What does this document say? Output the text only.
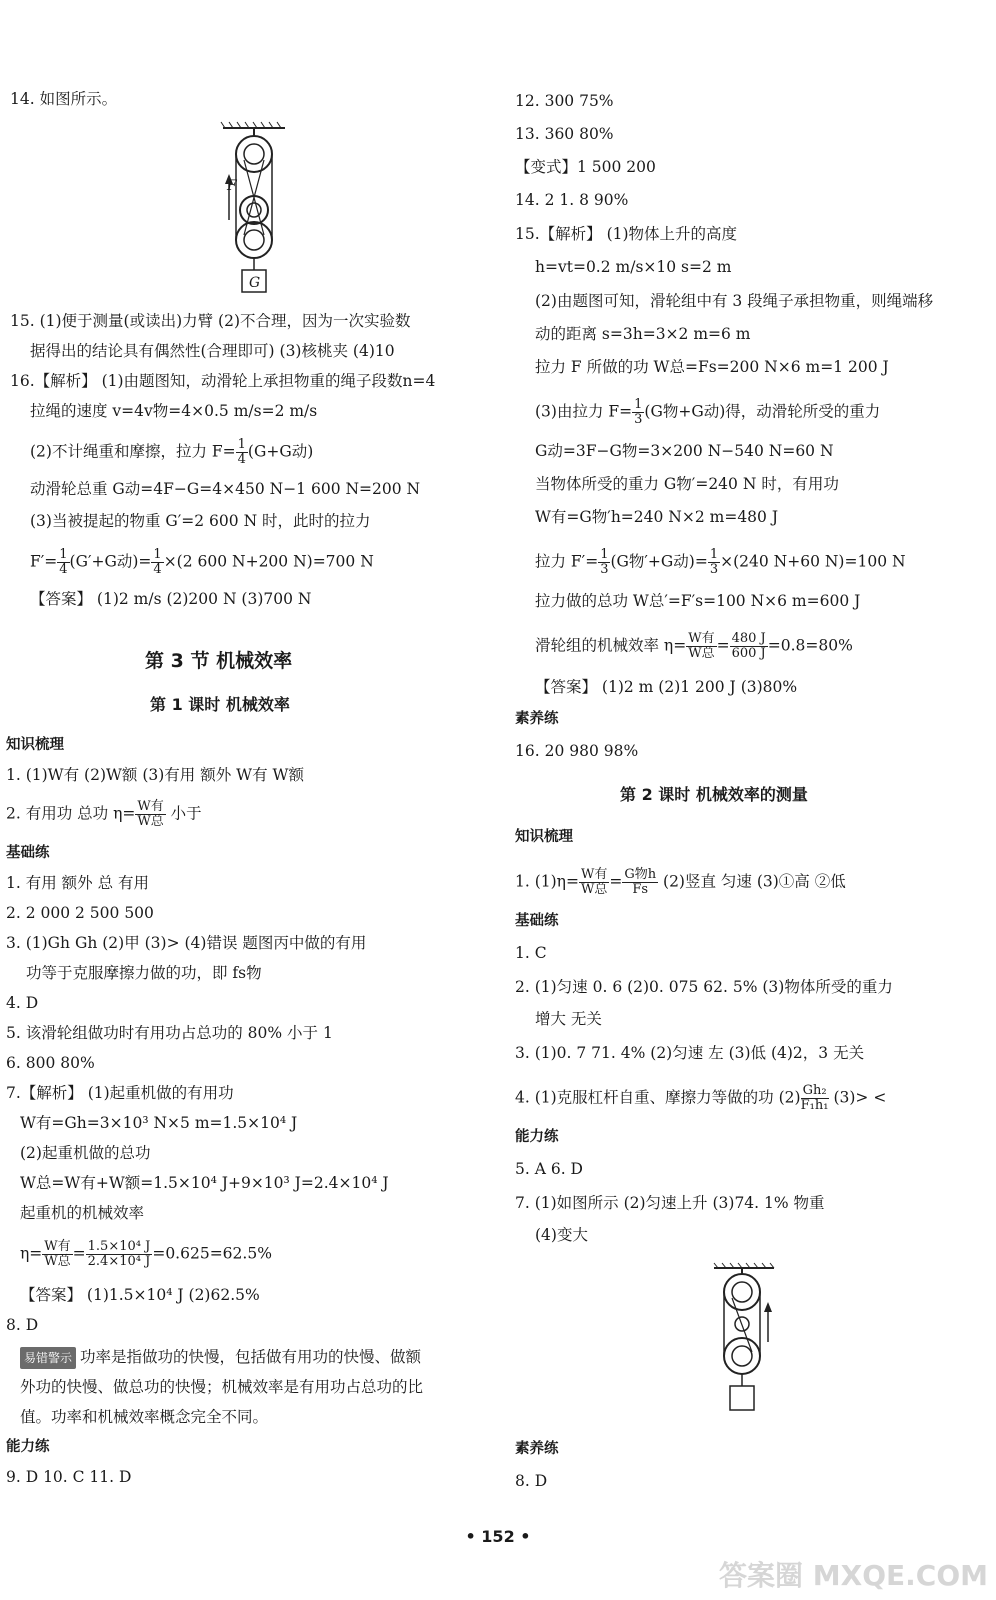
14. 如图所示。
F
G
15. (1)便于测量(或读出)力臂 (2)不合理，因为一次实验数
据得出的结论具有偶然性(合理即可) (3)核桃夹 (4)10
16.【解析】 (1)由题图知，动滑轮上承担物重的绳子段数n=4
拉绳的速度 v=4v物=4×0.5 m/s=2 m/s
(2)不计绳重和摩擦，拉力 $F= \frac{1}{4} (G+G$动)
动滑轮总重 G动=4F−G=4×450 N−1 600 N=200 N
(3)当被提起的物重 G′=2 600 N 时，此时的拉力
$F'= \frac{1}{4} (G'+G$动)= $\frac{1}{4} \times(2$ 600 N+200 N)=700 N
【答案】 (1)2 m/s (2)200 N (3)700 N
第 3 节 机械效率
第 1 课时 机械效率
知识梳理
1. (1)W有 (2)W额 (3)有用 额外 W有 W额
2. 有用功 总功 $\eta= \frac{\text{W有}}{\text{W总}}$ 小于
基础练
1. 有用 额外 总 有用
2. 2 000 2 500 500
3. (1)Gh Gh (2)甲 (3)> (4)错误 题图丙中做的有用
功等于克服摩擦力做的功，即 fs物
4. D
5. 该滑轮组做功时有用功占总功的 80% 小于 1
6. 800 80%
7.【解析】 (1)起重机做的有用功
W有=Gh=3×10³ N×5 m=1.5×10⁴ J
(2)起重机做的总功
W总=W有+W额=1.5×10⁴ J+9×10³ J=2.4×10⁴ J
起重机的机械效率
$\eta= \frac{\text{W有}}{\text{W总}} = \frac{\text{1.5×10⁴ J}}{\text{2.4×10⁴ J}} =0.625=62.5\%$
【答案】 (1)1.5×10⁴ J (2)62.5%
8. D
易错警示 功率是指做功的快慢，包括做有用功的快慢、做额
外功的快慢、做总功的快慢；机械效率是有用功占总功的比
值。功率和机械效率概念完全不同。
能力练
9. D 10. C 11. D
12. 300 75%
13. 360 80%
【变式】1 500 200
14. 2 1. 8 90%
15.【解析】 (1)物体上升的高度
h=vt=0.2 m/s×10 s=2 m
(2)由题图可知，滑轮组中有 3 段绳子承担物重，则绳端移
动的距离 s=3h=3×2 m=6 m
拉力 F 所做的功 W总=Fs=200 N×6 m=1 200 J
(3)由拉力 $F= \frac{1}{3} (G$物+G动)得，动滑轮所受的重力
G动=3F−G物=3×200 N−540 N=60 N
当物体所受的重力 G物′=240 N 时，有用功
W有=G物′h=240 N×2 m=480 J
拉力 $F'= \frac{1}{3} (G$物′+G动)= $\frac{1}{3} \times(240$ N+60 N)=100 N
拉力做的总功 W总′=F′s=100 N×6 m=600 J
滑轮组的机械效率 $\eta= \frac{\text{W有}}{\text{W总}} = \frac{480 J}{600 J} =0.8=80\%$
【答案】 (1)2 m (2)1 200 J (3)80%
素养练
16. 20 980 98%
第 2 课时 机械效率的测量
知识梳理
1. $(1)\eta= \frac{\text{W有}}{\text{W总}} = \frac{\text{G物h}}{Fs} (2)$竖直 匀速 (3)①高 ②低
基础练
1. C
2. (1)匀速 0. 6 (2)0. 075 62. 5% (3)物体所受的重力
增大 无关
3. (1)0. 7 71. 4% (2)匀速 左 (3)低 (4)2，3 无关
4. (1)克服杠杆自重、摩擦力等做的功 $(2) \frac{\text{Gh₂}}{\text{F₁h₁}} (3)>$ <
能力练
5. A 6. D
7. (1)如图所示 (2)匀速上升 (3)74. 1% 物重
(4)变大
素养练
8. D
• 152 •
答案圈 MXQE.COM
